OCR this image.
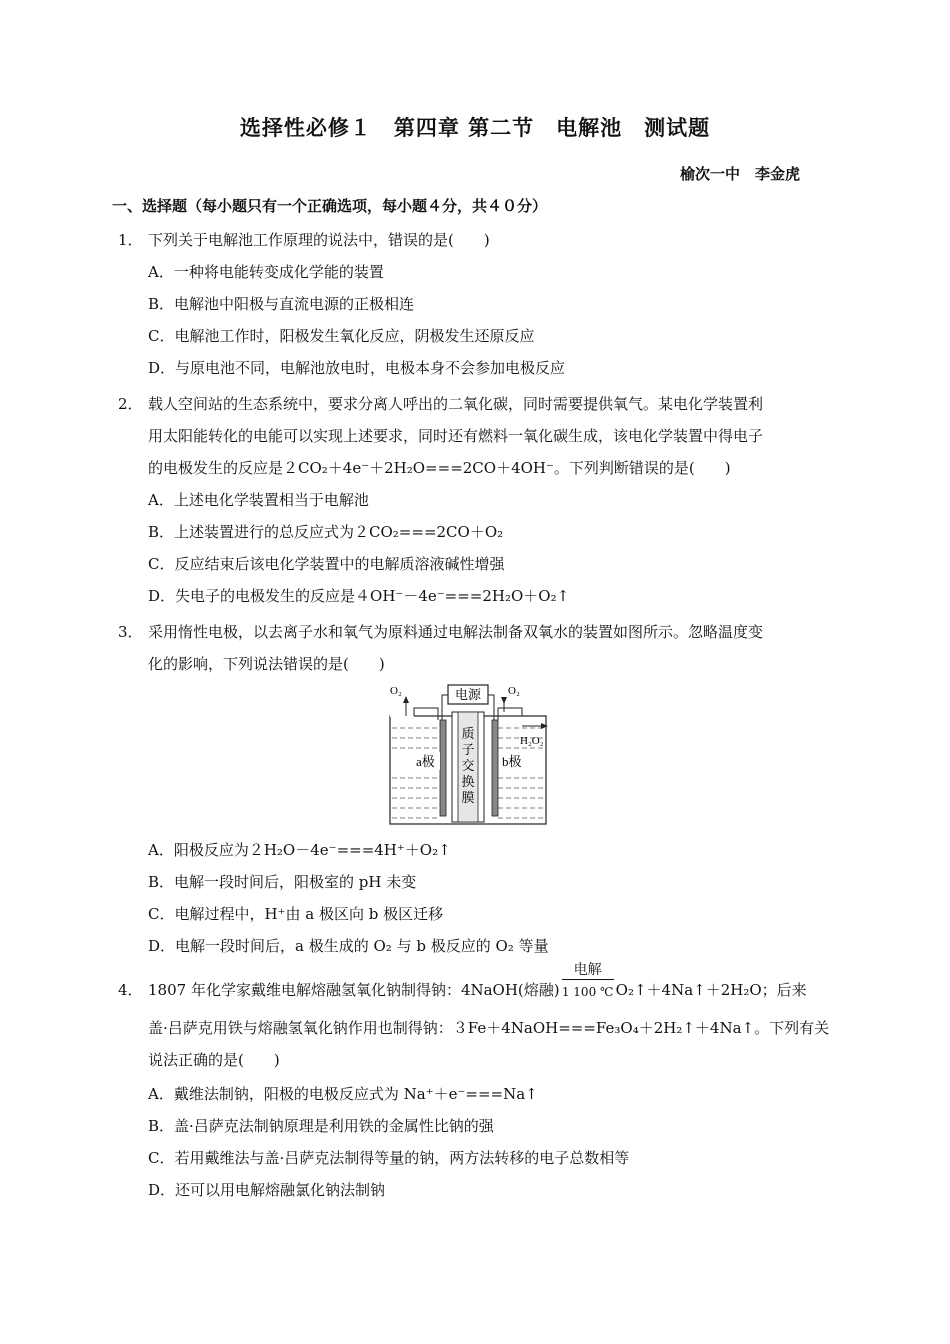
选择性必修１　第四章 第二节　电解池　测试题
榆次一中　李金虎
一、选择题（每小题只有一个正确选项，每小题４分，共４０分）
1． 下列关于电解池工作原理的说法中，错误的是(　　)
A．一种将电能转变成化学能的装置
B．电解池中阳极与直流电源的正极相连
C．电解池工作时，阳极发生氧化反应，阴极发生还原反应
D．与原电池不同，电解池放电时，电极本身不会参加电极反应
2． 载人空间站的生态系统中，要求分离人呼出的二氧化碳，同时需要提供氧气。某电化学装置利
用太阳能转化的电能可以实现上述要求，同时还有燃料一氧化碳生成，该电化学装置中得电子
的电极发生的反应是２CO₂＋4e⁻＋2H₂O===2CO＋4OH⁻。下列判断错误的是(　　)
A．上述电化学装置相当于电解池
B．上述装置进行的总反应式为２CO₂===2CO＋O₂
C．反应结束后该电化学装置中的电解质溶液碱性增强
D．失电子的电极发生的反应是４OH⁻－4e⁻===2H₂O＋O₂↑
3． 采用惰性电极，以去离子水和氧气为原料通过电解法制备双氧水的装置如图所示。忽略温度变
化的影响，下列说法错误的是(　　)
电源
质
子
交
换
膜
a极	b极
O₂	O₂
H₂O₂
A．阳极反应为２H₂O－4e⁻===4H⁺＋O₂↑
B．电解一段时间后，阳极室的 pH 未变
C．电解过程中，H⁺由 a 极区向 b 极区迁移
D．电解一段时间后，a 极生成的 O₂ 与 b 极反应的 O₂ 等量
4． 1807 年化学家戴维电解熔融氢氧化钠制得钠：4NaOH(熔融)
电解
1 100 ℃ O₂↑＋4Na↑＋2H₂O；后来
盖·吕萨克用铁与熔融氢氧化钠作用也制得钠：３Fe＋4NaOH===Fe₃O₄＋2H₂↑＋4Na↑。下列有关
说法正确的是(　　)
A．戴维法制钠，阳极的电极反应式为 Na⁺＋e⁻===Na↑
B．盖·吕萨克法制钠原理是利用铁的金属性比钠的强
C．若用戴维法与盖·吕萨克法制得等量的钠，两方法转移的电子总数相等
D．还可以用电解熔融氯化钠法制钠
